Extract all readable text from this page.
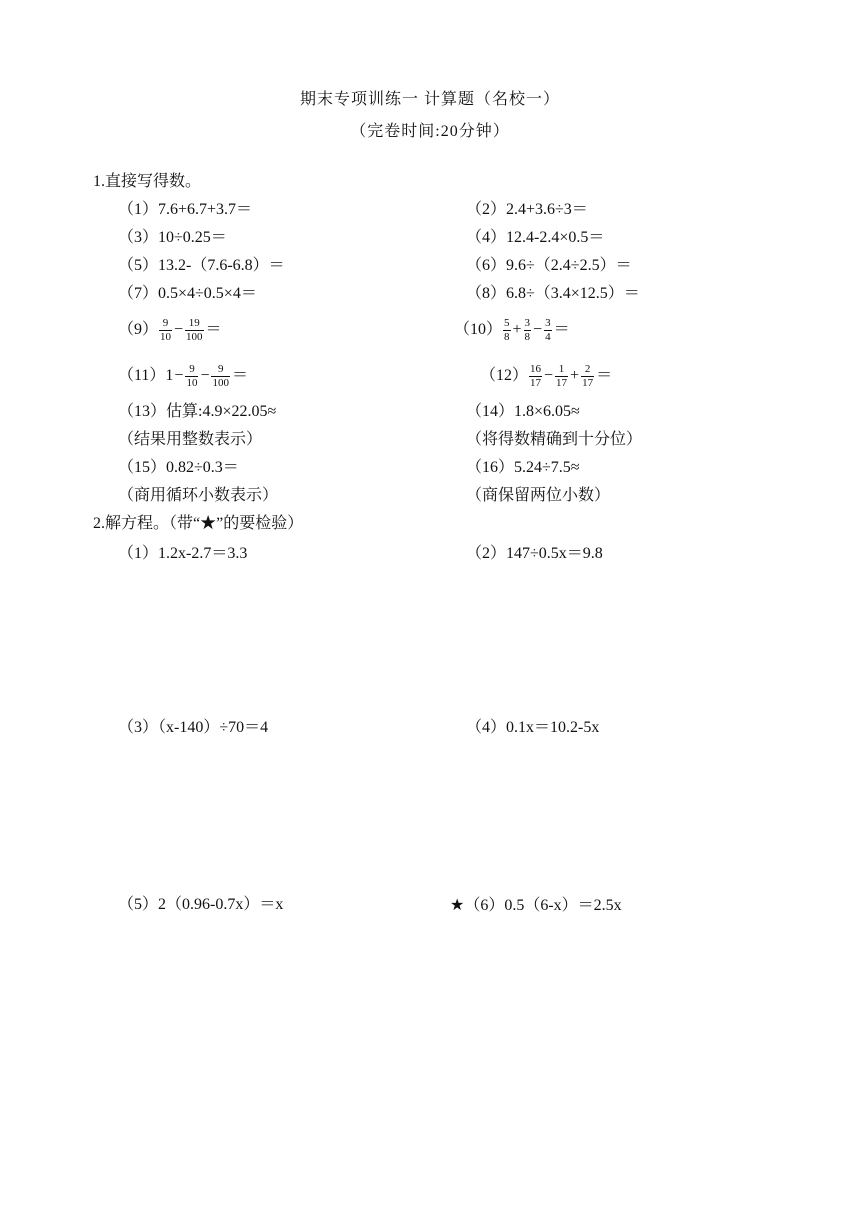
期末专项训练一 计算题（名校一）
（完卷时间:20分钟）
1.直接写得数。
（1）7.6+6.7+3.7＝	（2）2.4+3.6÷3＝
（3）10÷0.25＝	（4）12.4-2.4×0.5＝
（5）13.2-（7.6-6.8）＝	（6）9.6÷（2.4÷2.5）＝
（7）0.5×4÷0.5×4＝	（8）6.8÷（3.4×12.5）＝
$(9) \frac{9}{10} - \frac{19}{100}$ ＝	$(10) \frac{5}{8} + \frac{3}{8} - \frac{3}{4}$ ＝
$(11)1- \frac{9}{10} - \frac{9}{100}$ ＝	$(12) \frac{16}{17} - \frac{1}{17} + \frac{2}{17}$ ＝
（13）估算:4.9×22.05≈	（14）1.8×6.05≈
（结果用整数表示）	（将得数精确到十分位）
（15）0.82÷0.3＝	（16）5.24÷7.5≈
（商用循环小数表示）	（商保留两位小数）
2.解方程。（带“★”的要检验）
（1）1.2x-2.7＝3.3	（2）147÷0.5x＝9.8
（3）（x-140）÷70＝4	（4）0.1x＝10.2-5x
（5）2（0.96-0.7x）＝x	★（6）0.5（6-x）＝2.5x
